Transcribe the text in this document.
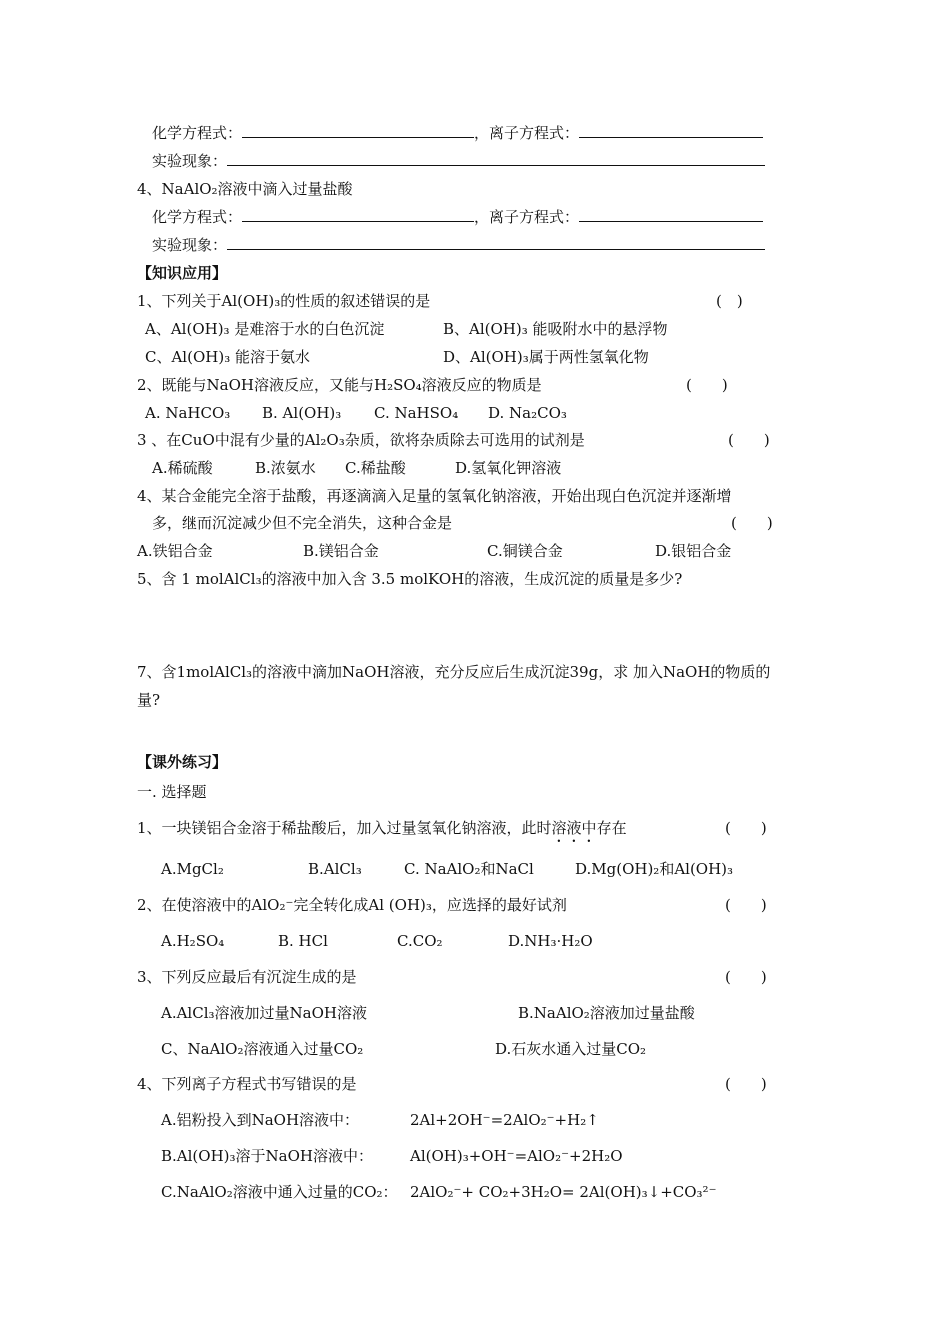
化学方程式：	，离子方程式：
实验现象：
4、NaAlO₂溶液中滴入过量盐酸
化学方程式：	，离子方程式：
实验现象：
【知识应用】
1、下列关于Al(OH)₃的性质的叙述错误的是	(　)
A、Al(OH)₃ 是难溶于水的白色沉淀	B、Al(OH)₃ 能吸附水中的悬浮物
C、Al(OH)₃ 能溶于氨水	D、Al(OH)₃属于两性氢氧化物
2、既能与NaOH溶液反应，又能与H₂SO₄溶液反应的物质是	(　　)
A. NaHCO₃ B. Al(OH)₃ C. NaHSO₄ D. Na₂CO₃
3 、在CuO中混有少量的Al₂O₃杂质，欲将杂质除去可选用的试剂是	(　　)
A.稀硫酸	B.浓氨水 C.稀盐酸	D.氢氧化钾溶液
4、某合金能完全溶于盐酸，再逐滴滴入足量的氢氧化钠溶液，开始出现白色沉淀并逐渐增
多，继而沉淀减少但不完全消失，这种合金是	(　　)
A.铁铝合金	B.镁铝合金	C.铜镁合金	D.银铝合金
5、含 1 molAlCl₃的溶液中加入含 3.5 molKOH的溶液，生成沉淀的质量是多少?
7、含1molAlCl₃的溶液中滴加NaOH溶液，充分反应后生成沉淀39g，求 加入NaOH的物质的
量?
【课外练习】
一. 选择题
1、一块镁铝合金溶于稀盐酸后，加入过量氢氧化钠溶液，此时溶液中存在	(　　)
A.MgCl₂	B.AlCl₃	C. NaAlO₂和NaCl	D.Mg(OH)₂和Al(OH)₃
2、在使溶液中的AlO₂⁻完全转化成Al (OH)₃，应选择的最好试剂	(　　)
A.H₂SO₄	B. HCl	C.CO₂	D.NH₃·H₂O
3、下列反应最后有沉淀生成的是	(　　)
A.AlCl₃溶液加过量NaOH溶液	B.NaAlO₂溶液加过量盐酸
C、NaAlO₂溶液通入过量CO₂	D.石灰水通入过量CO₂
4、下列离子方程式书写错误的是	(　　)
A.铝粉投入到NaOH溶液中：	2Al+2OH⁻=2AlO₂⁻+H₂↑
B.Al(OH)₃溶于NaOH溶液中： Al(OH)₃+OH⁻=AlO₂⁻+2H₂O
C.NaAlO₂溶液中通入过量的CO₂： 2AlO₂⁻+ CO₂+3H₂O= 2Al(OH)₃↓+CO₃²⁻
